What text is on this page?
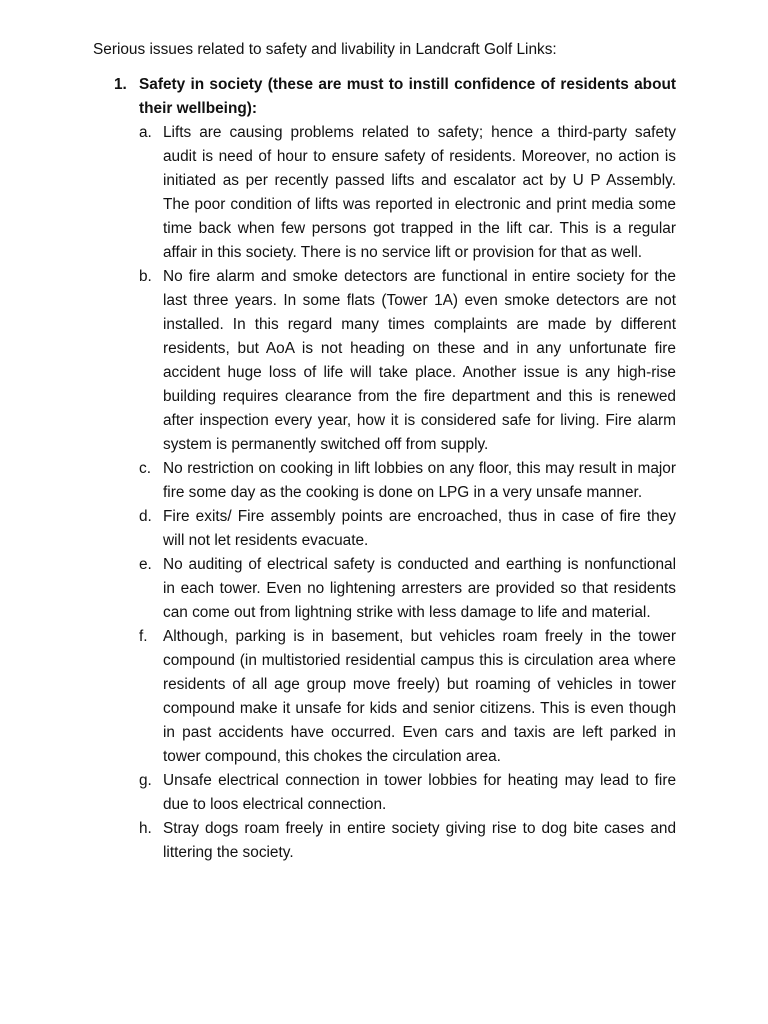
Serious issues related to safety and livability in Landcraft Golf Links:
1. Safety in society (these are must to instill confidence of residents about their wellbeing):
a. Lifts are causing problems related to safety; hence a third-party safety audit is need of hour to ensure safety of residents. Moreover, no action is initiated as per recently passed lifts and escalator act by U P Assembly. The poor condition of lifts was reported in electronic and print media some time back when few persons got trapped in the lift car. This is a regular affair in this society. There is no service lift or provision for that as well.
b. No fire alarm and smoke detectors are functional in entire society for the last three years. In some flats (Tower 1A) even smoke detectors are not installed. In this regard many times complaints are made by different residents, but AoA is not heading on these and in any unfortunate fire accident huge loss of life will take place. Another issue is any high-rise building requires clearance from the fire department and this is renewed after inspection every year, how it is considered safe for living. Fire alarm system is permanently switched off from supply.
c. No restriction on cooking in lift lobbies on any floor, this may result in major fire some day as the cooking is done on LPG in a very unsafe manner.
d. Fire exits/ Fire assembly points are encroached, thus in case of fire they will not let residents evacuate.
e. No auditing of electrical safety is conducted and earthing is nonfunctional in each tower. Even no lightening arresters are provided so that residents can come out from lightning strike with less damage to life and material.
f.	Although, parking is in basement, but vehicles roam freely in the tower compound (in multistoried residential campus this is circulation area where residents of all age group move freely) but roaming of vehicles in tower compound make it unsafe for kids and senior citizens. This is even though in past accidents have occurred. Even cars and taxis are left parked in tower compound, this chokes the circulation area.
g. Unsafe electrical connection in tower lobbies for heating may lead to fire due to loos electrical connection.
h. Stray dogs roam freely in entire society giving rise to dog bite cases and littering the society.
